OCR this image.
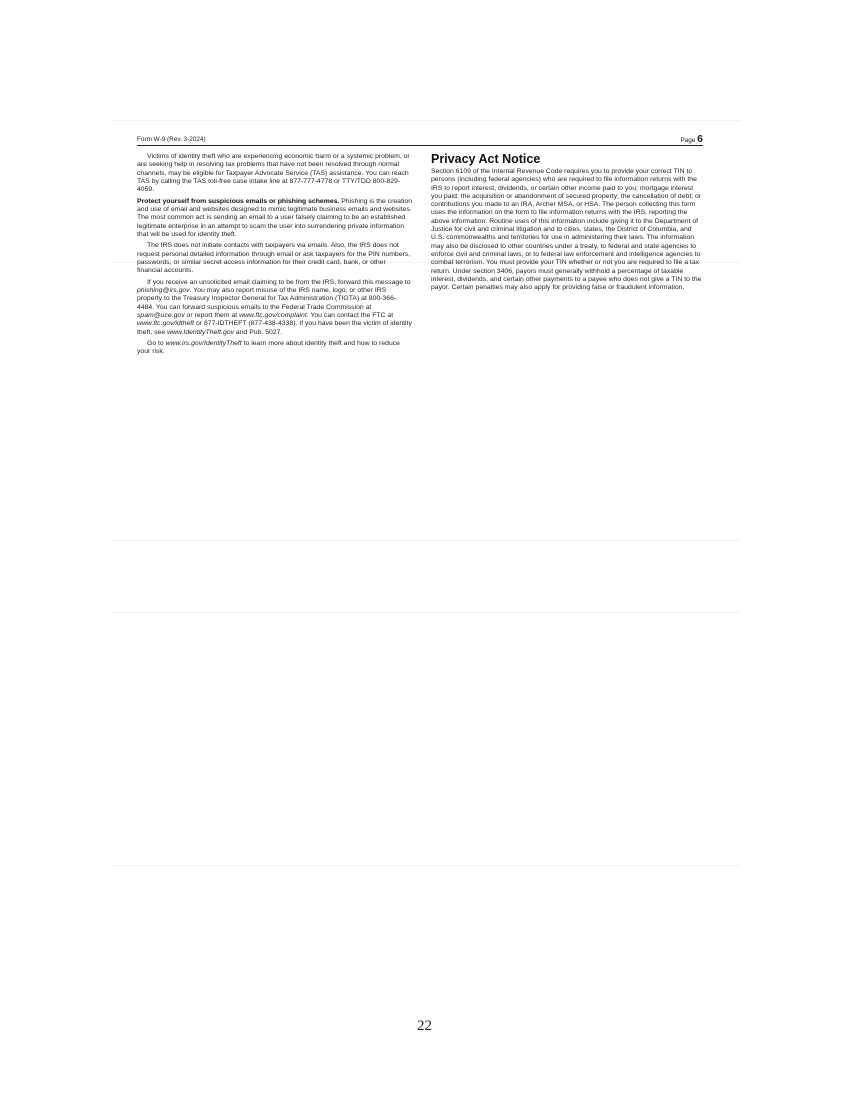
Form W-9 (Rev. 3-2024)	Page 6

Victims of identity theft who are experiencing economic harm or a systemic problem, or are seeking help in resolving tax problems that have not been resolved through normal channels, may be eligible for Taxpayer Advocate Service (TAS) assistance. You can reach TAS by calling the TAS toll-free case intake line at 877-777-4778 or TTY/TDD 800-829-4059.

Protect yourself from suspicious emails or phishing schemes. Phishing is the creation and use of email and websites designed to mimic legitimate business emails and websites. The most common act is sending an email to a user falsely claiming to be an established legitimate enterprise in an attempt to scam the user into surrendering private information that will be used for identity theft.

The IRS does not initiate contacts with taxpayers via emails. Also, the IRS does not request personal detailed information through email or ask taxpayers for the PIN numbers, passwords, or similar secret access information for their credit card, bank, or other financial accounts.

If you receive an unsolicited email claiming to be from the IRS, forward this message to phishing@irs.gov. You may also report misuse of the IRS name, logo, or other IRS property to the Treasury Inspector General for Tax Administration (TIGTA) at 800-366-4484. You can forward suspicious emails to the Federal Trade Commission at spam@uce.gov or report them at www.ftc.gov/complaint. You can contact the FTC at www.ftc.gov/idtheft or 877-IDTHEFT (877-438-4338). If you have been the victim of identity theft, see www.IdentityTheft.gov and Pub. 5027.

Go to www.irs.gov/IdentityTheft to learn more about identity theft and how to reduce your risk.

Privacy Act Notice

Section 6109 of the Internal Revenue Code requires you to provide your correct TIN to persons (including federal agencies) who are required to file information returns with the IRS to report interest, dividends, or certain other income paid to you; mortgage interest you paid; the acquisition or abandonment of secured property; the cancellation of debt; or contributions you made to an IRA, Archer MSA, or HSA. The person collecting this form uses the information on the form to file information returns with the IRS, reporting the above information. Routine uses of this information include giving it to the Department of Justice for civil and criminal litigation and to cities, states, the District of Columbia, and U.S. commonwealths and territories for use in administering their laws. The information may also be disclosed to other countries under a treaty, to federal and state agencies to enforce civil and criminal laws, or to federal law enforcement and intelligence agencies to combat terrorism. You must provide your TIN whether or not you are required to file a tax return. Under section 3406, payors must generally withhold a percentage of taxable interest, dividends, and certain other payments to a payee who does not give a TIN to the payor. Certain penalties may also apply for providing false or fraudulent information.

22
